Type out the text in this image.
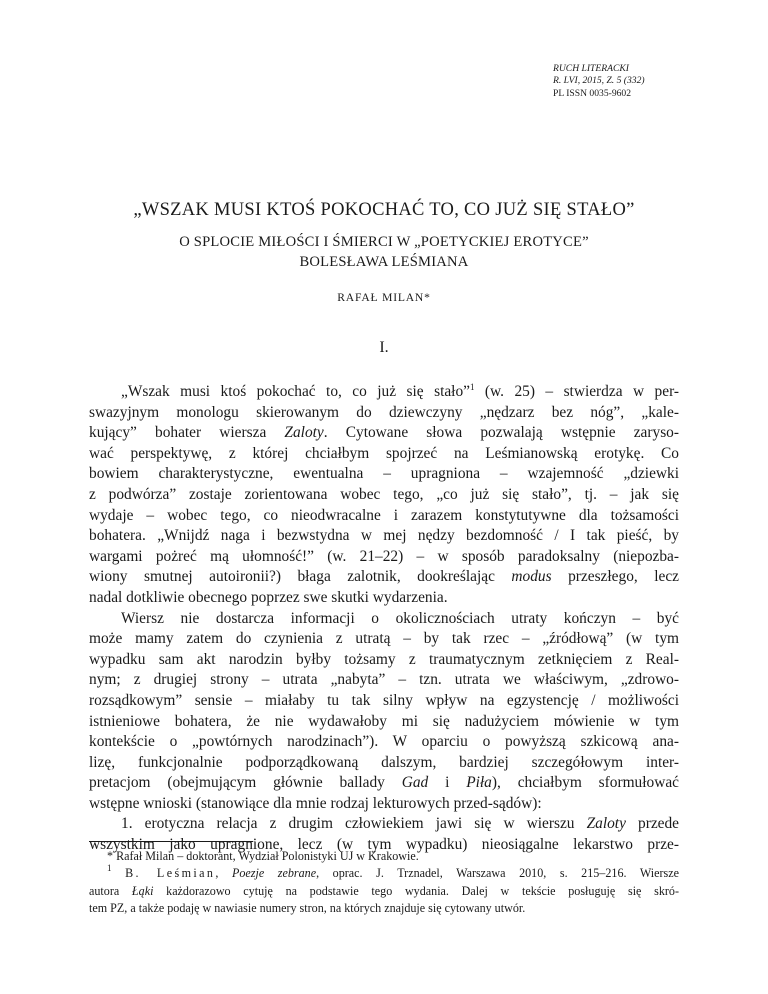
RUCH LITERACKI
R. LVI, 2015, Z. 5 (332)
PL ISSN 0035-9602
„WSZAK MUSI KTOŚ POKOCHAĆ TO, CO JUŻ SIĘ STAŁO”
O SPLOCIE MIŁOŚCI I ŚMIERCI W „POETYCKIEJ EROTYCE”
BOLESŁAWA LEŚMIANA
RAFAŁ MILAN*
I.
„Wszak musi ktoś pokochać to, co już się stało”$^1$ (w. 25) – stwierdza w per-
swazyjnym monologu skierowanym do dziewczyny „nędzarz bez nóg”, „kale-
kujący” bohater wiersza Zaloty. Cytowane słowa pozwalają wstępnie zaryso-
wać perspektywę, z której chciałbym spojrzeć na Leśmianowską erotykę. Co
bowiem charakterystyczne, ewentualna – upragniona – wzajemność „dziewki
z podwórza” zostaje zorientowana wobec tego, „co już się stało”, tj. – jak się
wydaje – wobec tego, co nieodwracalne i zarazem konstytutywne dla tożsamości
bohatera. „Wnijdź naga i bezwstydna w mej nędzy bezdomność / I tak pieść, by
wargami pożreć mą ułomność!” (w. 21–22) – w sposób paradoksalny (niepozba-
wiony smutnej autoironii?) błaga zalotnik, dookreślając modus przeszłego, lecz
nadal dotkliwie obecnego poprzez swe skutki wydarzenia.
Wiersz nie dostarcza informacji o okolicznościach utraty kończyn – być
może mamy zatem do czynienia z utratą – by tak rzec – „źródłową” (w tym
wypadku sam akt narodzin byłby tożsamy z traumatycznym zetknięciem z Real-
nym; z drugiej strony – utrata „nabyta” – tzn. utrata we właściwym, „zdrowo-
rozsądkowym” sensie – miałaby tu tak silny wpływ na egzystencję / możliwości
istnieniowe bohatera, że nie wydawałoby mi się nadużyciem mówienie w tym
kontekście o „powtórnych narodzinach”). W oparciu o powyższą szkicową ana-
lizę, funkcjonalnie podporządkowaną dalszym, bardziej szczegółowym inter-
pretacjom (obejmującym głównie ballady Gad i Piła), chciałbym sformułować
wstępne wnioski (stanowiące dla mnie rodzaj lekturowych przed-sądów):
1. erotyczna relacja z drugim człowiekiem jawi się w wierszu Zaloty przede
wszystkim jako upragnione, lecz (w tym wypadku) nieosiągalne lekarstwo prze-
* Rafał Milan – doktorant, Wydział Polonistyki UJ w Krakowie.
$^1$ B. Leśmian, Poezje zebrane, oprac. J. Trznadel, Warszawa 2010, s. 215–216. Wiersze
autora Łąki każdorazowo cytuję na podstawie tego wydania. Dalej w tekście posługuję się skró-
tem PZ, a także podaję w nawiasie numery stron, na których znajduje się cytowany utwór.
